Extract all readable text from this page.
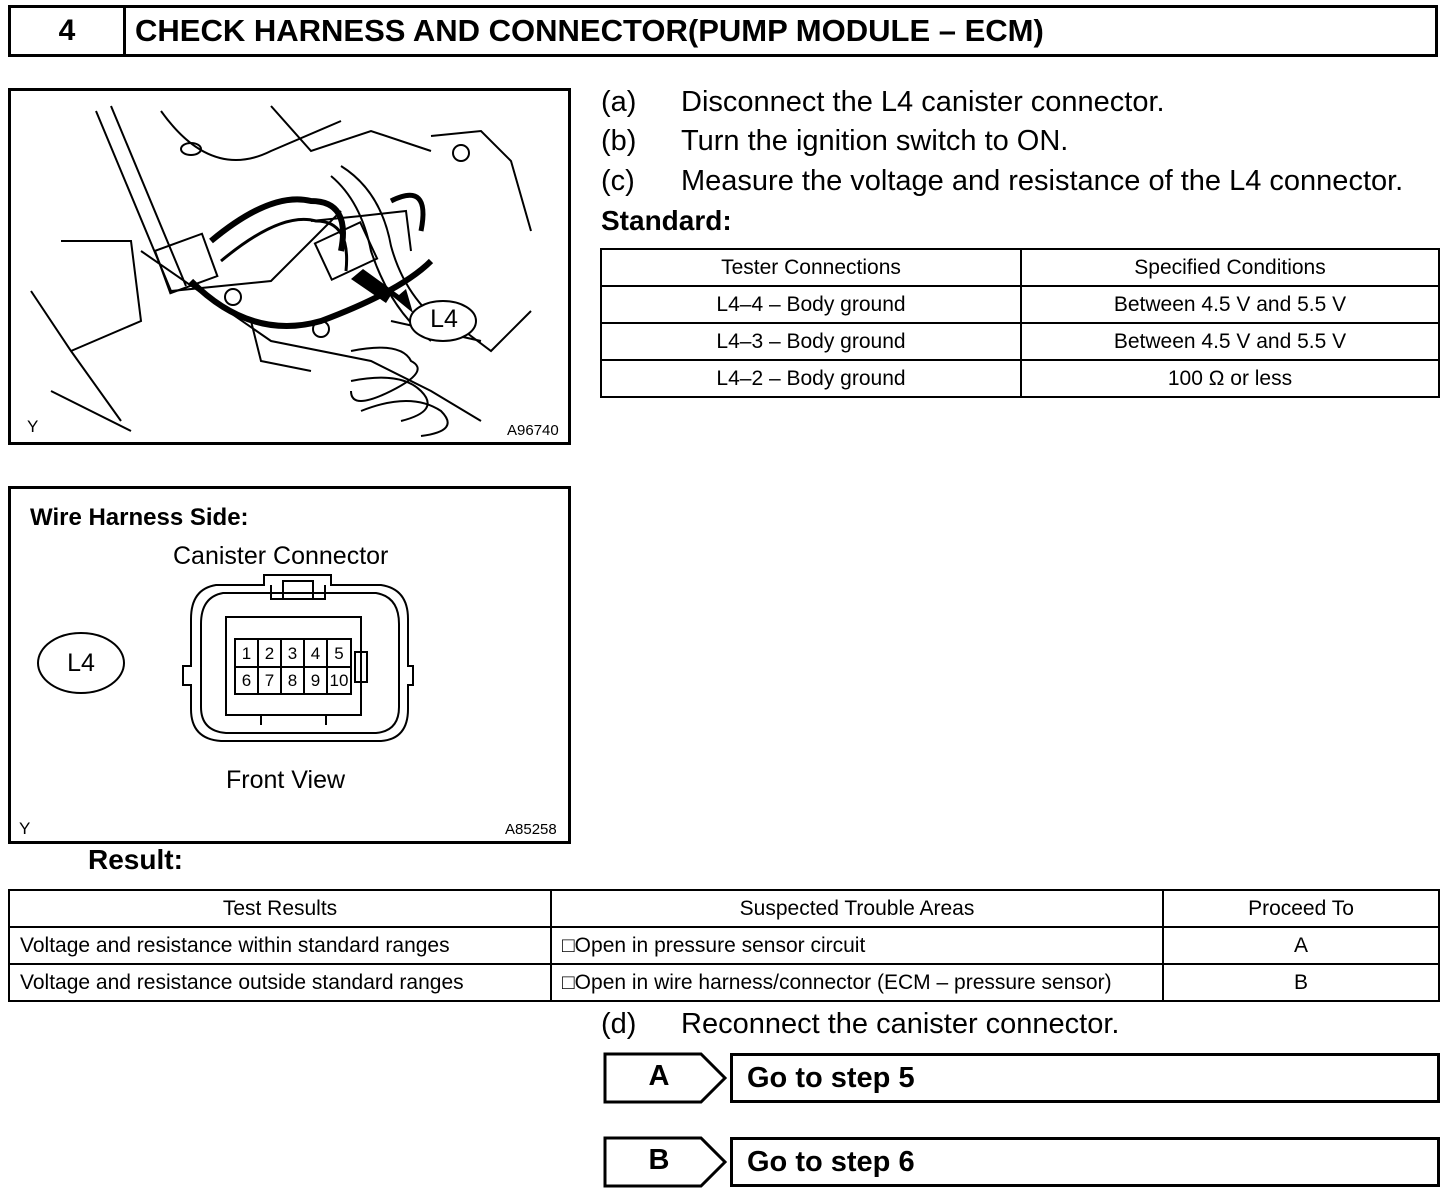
4	CHECK HARNESS AND CONNECTOR(PUMP MODULE – ECM)
L4
Y	A96740
Wire Harness Side:
Canister Connector
L4	1 2 3 4 5
6 7 8 9 10
Front View
Y	A85258
(a) Disconnect the L4 canister connector.
(b) Turn the ignition switch to ON.
(c) Measure the voltage and resistance of the L4 connector.
Standard:
Tester Connections	Specified Conditions
L4–4 – Body ground	Between 4.5 V and 5.5 V
L4–3 – Body ground	Between 4.5 V and 5.5 V
L4–2 – Body ground	100 Ω or less
Result:
Test Results	Suspected Trouble Areas	Proceed To
Voltage and resistance within standard ranges	□Open in pressure sensor circuit	A
Voltage and resistance outside standard ranges	□Open in wire harness/connector (ECM – pressure sensor)	B
(d) Reconnect the canister connector.
A	Go to step 5
B	Go to step 6
